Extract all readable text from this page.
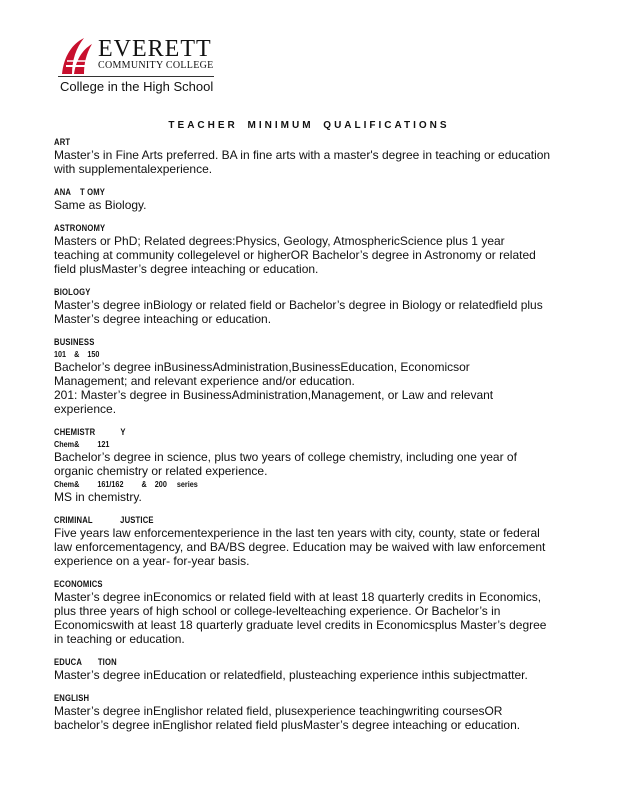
EVERETT
COMMUNITY COLLEGE
College in the High School
TEACHER MINIMUM QUALIFICATIONS
ART
Master’s in Fine Arts preferred. BA in fine arts with a master's degree in teaching or education
with supplementalexperience.
ANA    T OMY
Same as Biology.
ASTRONOMY
Masters or PhD; Related degrees:Physics, Geology, AtmosphericScience plus 1 year
teaching at community collegelevel or higherOR Bachelor’s degree in Astronomy or related
field plusMaster’s degree inteaching or education.
BIOLOGY
Master’s degree inBiology or related field or Bachelor’s degree in Biology or relatedfield plus
Master’s degree inteaching or education.
BUSINESS
101    &    150
Bachelor’s degree inBusinessAdministration,BusinessEducation, Economicsor
Management; and relevant experience and/or education.
201: Master’s degree in BusinessAdministration,Management, or Law and relevant
experience.
CHEMISTR           Y
Chem&         121
Bachelor’s degree in science, plus two years of college chemistry, including one year of
organic chemistry or related experience.
Chem&         161/162         &    200     series
MS in chemistry.
CRIMINAL            JUSTICE
Five years law enforcementexperience in the last ten years with city, county, state or federal
law enforcementagency, and BA/BS degree. Education may be waived with law enforcement
experience on a year- for-year basis.
ECONOMICS
Master’s degree inEconomics or related field with at least 18 quarterly credits in Economics,
plus three years of high school or college-levelteaching experience. Or Bachelor’s in
Economicswith at least 18 quarterly graduate level credits in Economicsplus Master’s degree
in teaching or education.
EDUCA       TION
Master’s degree inEducation or relatedfield, plusteaching experience inthis subjectmatter.
ENGLISH
Master’s degree inEnglishor related field, plusexperience teachingwriting coursesOR
bachelor’s degree inEnglishor related field plusMaster’s degree inteaching or education.
